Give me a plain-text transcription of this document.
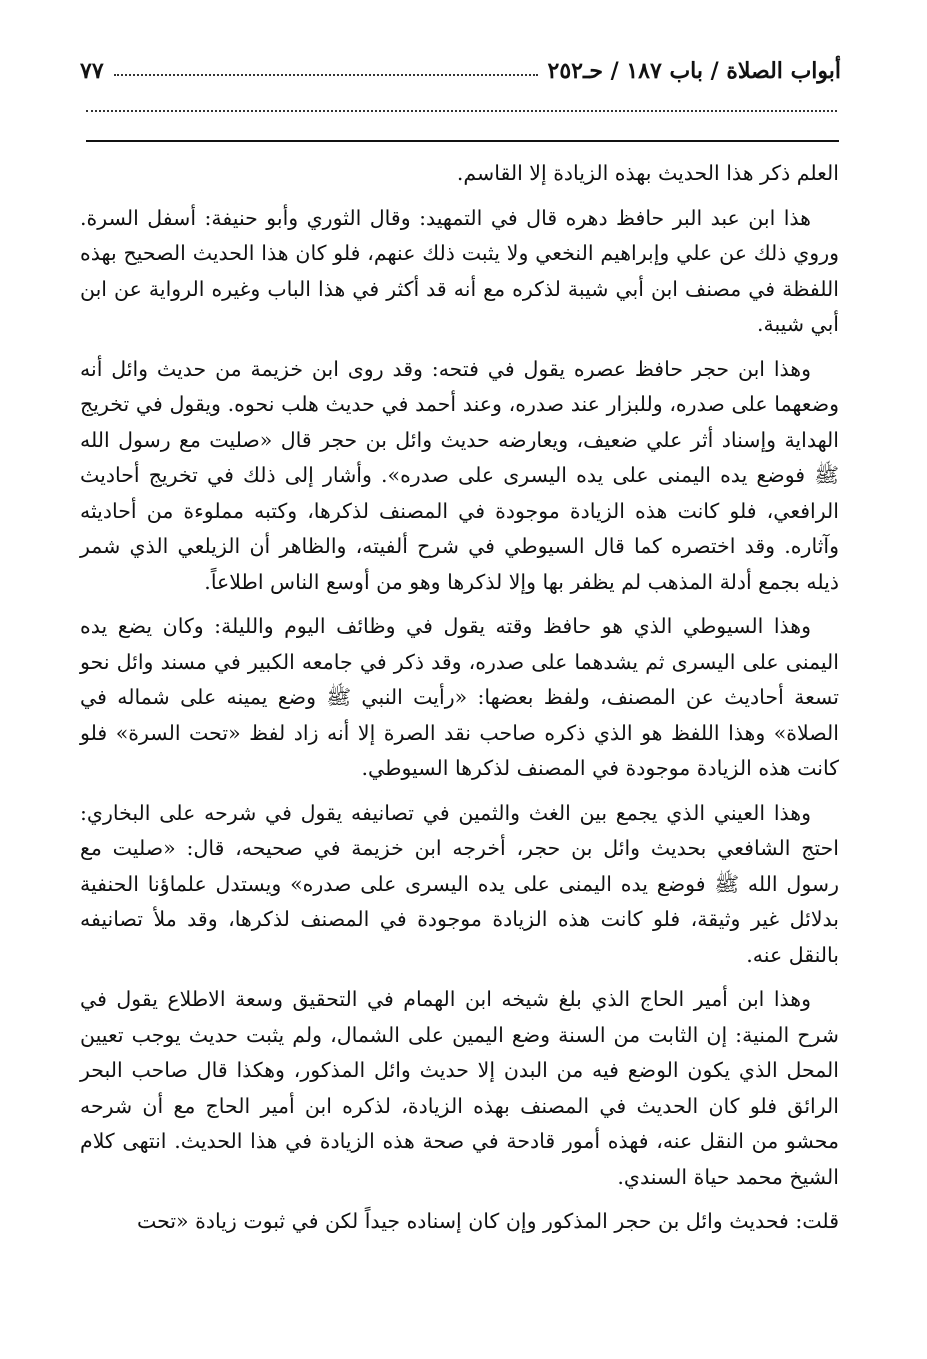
أبواب الصلاة / باب ١٨٧ / حـ٢٥٢
٧٧

العلم ذكر هذا الحديث بهذه الزيادة إلا القاسم.

هذا ابن عبد البر حافظ دهره قال في التمهيد: وقال الثوري وأبو حنيفة: أسفل السرة. وروي ذلك عن علي وإبراهيم النخعي ولا يثبت ذلك عنهم، فلو كان هذا الحديث الصحيح بهذه اللفظة في مصنف ابن أبي شيبة لذكره مع أنه قد أكثر في هذا الباب وغيره الرواية عن ابن أبي شيبة.

وهذا ابن حجر حافظ عصره يقول في فتحه: وقد روى ابن خزيمة من حديث وائل أنه وضعهما على صدره، وللبزار عند صدره، وعند أحمد في حديث هلب نحوه. ويقول في تخريج الهداية وإسناد أثر علي ضعيف، ويعارضه حديث وائل بن حجر قال «صليت مع رسول الله ﷺ فوضع يده اليمنى على يده اليسرى على صدره». وأشار إلى ذلك في تخريج أحاديث الرافعي، فلو كانت هذه الزيادة موجودة في المصنف لذكرها، وكتبه مملوءة من أحاديثه وآثاره. وقد اختصره كما قال السيوطي في شرح ألفيته، والظاهر أن الزيلعي الذي شمر ذيله بجمع أدلة المذهب لم يظفر بها وإلا لذكرها وهو من أوسع الناس اطلاعاً.

وهذا السيوطي الذي هو حافظ وقته يقول في وظائف اليوم والليلة: وكان يضع يده اليمنى على اليسرى ثم يشدهما على صدره، وقد ذكر في جامعه الكبير في مسند وائل نحو تسعة أحاديث عن المصنف، ولفظ بعضها: «رأيت النبي ﷺ وضع يمينه على شماله في الصلاة» وهذا اللفظ هو الذي ذكره صاحب نقد الصرة إلا أنه زاد لفظ «تحت السرة» فلو كانت هذه الزيادة موجودة في المصنف لذكرها السيوطي.

وهذا العيني الذي يجمع بين الغث والثمين في تصانيفه يقول في شرحه على البخاري: احتج الشافعي بحديث وائل بن حجر، أخرجه ابن خزيمة في صحيحه، قال: «صليت مع رسول الله ﷺ فوضع يده اليمنى على يده اليسرى على صدره» ويستدل علماؤنا الحنفية بدلائل غير وثيقة، فلو كانت هذه الزيادة موجودة في المصنف لذكرها، وقد ملأ تصانيفه بالنقل عنه.

وهذا ابن أمير الحاج الذي بلغ شيخه ابن الهمام في التحقيق وسعة الاطلاع يقول في شرح المنية: إن الثابت من السنة وضع اليمين على الشمال، ولم يثبت حديث يوجب تعيين المحل الذي يكون الوضع فيه من البدن إلا حديث وائل المذكور، وهكذا قال صاحب البحر الرائق فلو كان الحديث في المصنف بهذه الزيادة، لذكره ابن أمير الحاج مع أن شرحه محشو من النقل عنه، فهذه أمور قادحة في صحة هذه الزيادة في هذا الحديث. انتهى كلام الشيخ محمد حياة السندي.

قلت: فحديث وائل بن حجر المذكور وإن كان إسناده جيداً لكن في ثبوت زيادة «تحت
